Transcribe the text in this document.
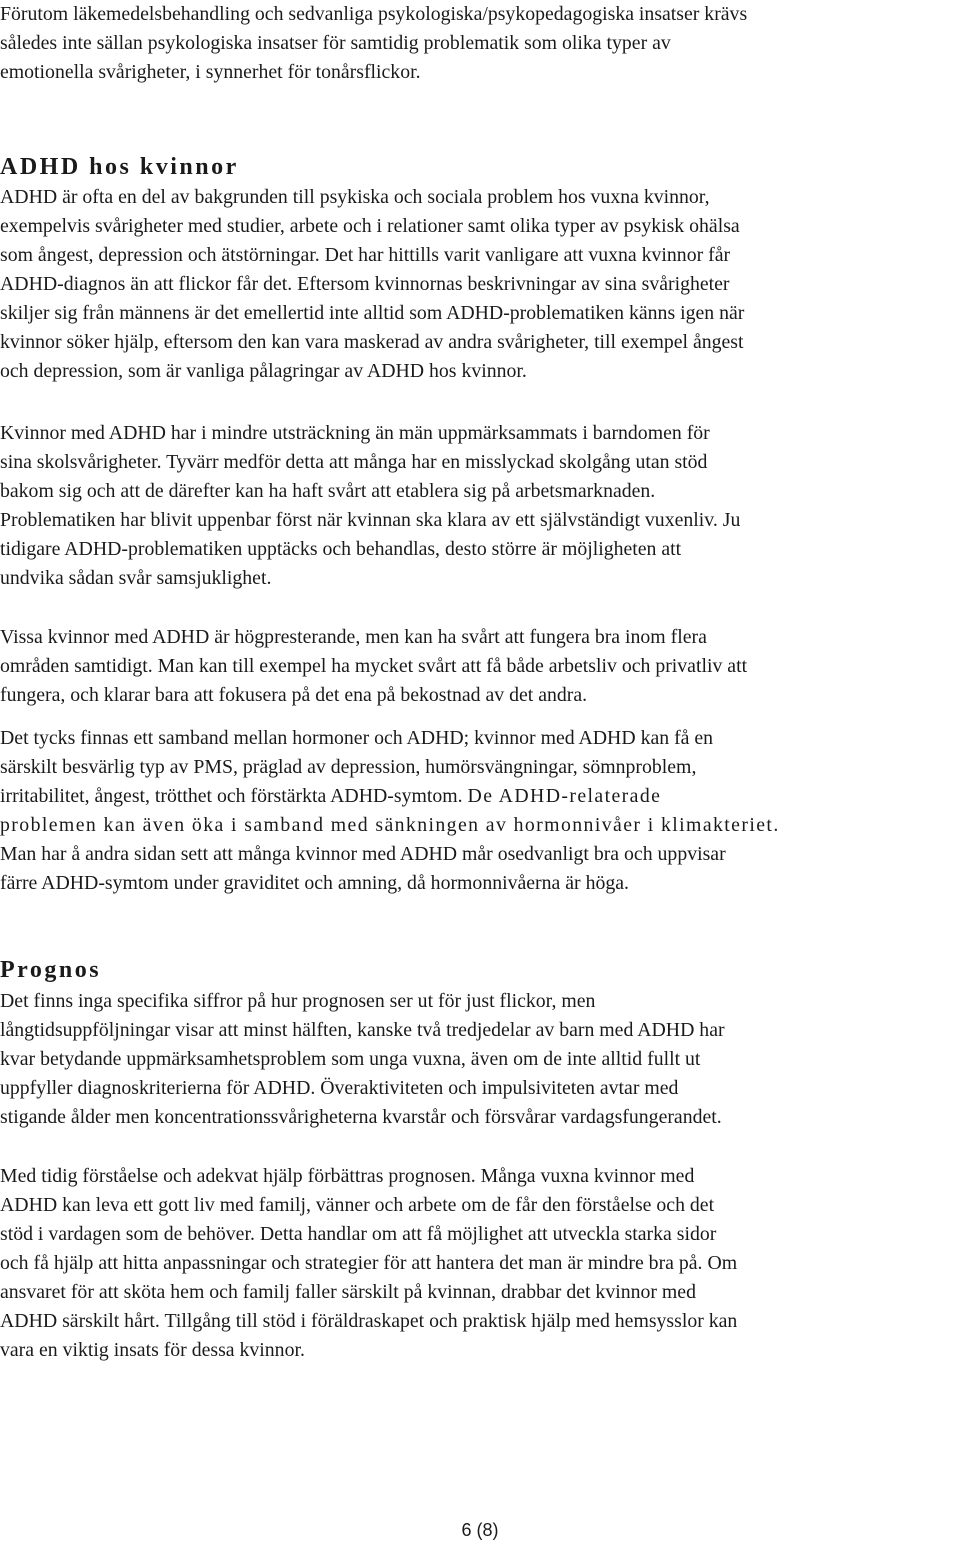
Förutom läkemedelsbehandling och sedvanliga psykologiska/psykopedagogiska insatser krävs
således inte sällan psykologiska insatser för samtidig problematik som olika typer av
emotionella svårigheter, i synnerhet för tonårsflickor.
ADHD hos kvinnor
ADHD är ofta en del av bakgrunden till psykiska och sociala problem hos vuxna kvinnor,
exempelvis svårigheter med studier, arbete och i relationer samt olika typer av psykisk ohälsa
som ångest, depression och ätstörningar. Det har hittills varit vanligare att vuxna kvinnor får
ADHD-diagnos än att flickor får det. Eftersom kvinnornas beskrivningar av sina svårigheter
skiljer sig från männens är det emellertid inte alltid som ADHD-problematiken känns igen när
kvinnor söker hjälp, eftersom den kan vara maskerad av andra svårigheter, till exempel ångest
och depression, som är vanliga pålagringar av ADHD hos kvinnor.
Kvinnor med ADHD har i mindre utsträckning än män uppmärksammats i barndomen för
sina skolsvårigheter. Tyvärr medför detta att många har en misslyckad skolgång utan stöd
bakom sig och att de därefter kan ha haft svårt att etablera sig på arbetsmarknaden.
Problematiken har blivit uppenbar först när kvinnan ska klara av ett självständigt vuxenliv. Ju
tidigare ADHD-problematiken upptäcks och behandlas, desto större är möjligheten att
undvika sådan svår samsjuklighet.
Vissa kvinnor med ADHD är högpresterande, men kan ha svårt att fungera bra inom flera
områden samtidigt. Man kan till exempel ha mycket svårt att få både arbetsliv och privatliv att
fungera, och klarar bara att fokusera på det ena på bekostnad av det andra.
Det tycks finnas ett samband mellan hormoner och ADHD; kvinnor med ADHD kan få en
särskilt besvärlig typ av PMS, präglad av depression, humörsvängningar, sömnproblem,
irritabilitet, ångest, trötthet och förstärkta ADHD-symtom. De ADHD-relaterade
problemen kan även öka i samband med sänkningen av hormonnivåer i klimakteriet.
Man har å andra sidan sett att många kvinnor med ADHD mår osedvanligt bra och uppvisar
färre ADHD-symtom under graviditet och amning, då hormonnivåerna är höga.
Prognos
Det finns inga specifika siffror på hur prognosen ser ut för just flickor, men
långtidsuppföljningar visar att minst hälften, kanske två tredjedelar av barn med ADHD har
kvar betydande uppmärksamhetsproblem som unga vuxna, även om de inte alltid fullt ut
uppfyller diagnoskriterierna för ADHD. Överaktiviteten och impulsiviteten avtar med
stigande ålder men koncentrationssvårigheterna kvarstår och försvårar vardagsfungerandet.
Med tidig förståelse och adekvat hjälp förbättras prognosen. Många vuxna kvinnor med
ADHD kan leva ett gott liv med familj, vänner och arbete om de får den förståelse och det
stöd i vardagen som de behöver. Detta handlar om att få möjlighet att utveckla starka sidor
och få hjälp att hitta anpassningar och strategier för att hantera det man är mindre bra på. Om
ansvaret för att sköta hem och familj faller särskilt på kvinnan, drabbar det kvinnor med
ADHD särskilt hårt. Tillgång till stöd i föräldraskapet och praktisk hjälp med hemsysslor kan
vara en viktig insats för dessa kvinnor.
6 (8)
